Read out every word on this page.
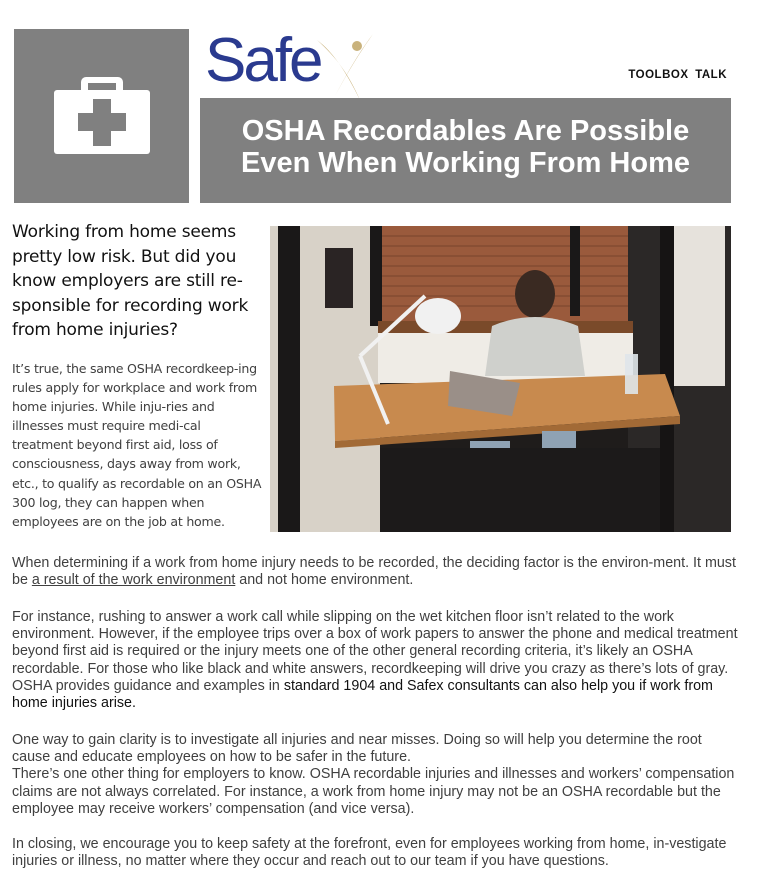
Safe	TOOLBOX TALK
OSHA Recordables Are Possible
Even When Working From Home

Working from home seems pretty low risk. But did you know employers are still re-sponsible for recording work from home injuries?

It’s true, the same OSHA recordkeep-ing rules apply for workplace and work from home injuries. While inju-ries and illnesses must require medi-cal treatment beyond first aid, loss of consciousness, days away from work, etc., to qualify as recordable on an OSHA 300 log, they can happen when employees are on the job at home.

When determining if a work from home injury needs to be recorded, the deciding factor is the environ-ment. It must be a result of the work environment and not home environment.

For instance, rushing to answer a work call while slipping on the wet kitchen floor isn’t related to the work environment. However, if the employee trips over a box of work papers to answer the phone and medical treatment beyond first aid is required or the injury meets one of the other general recording criteria, it’s likely an OSHA recordable. For those who like black and white answers, recordkeeping will drive you crazy as there’s lots of gray. OSHA provides guidance and examples in standard 1904 and Safex consultants can also help you if work from home injuries arise.

One way to gain clarity is to investigate all injuries and near misses. Doing so will help you determine the root cause and educate employees on how to be safer in the future.
There’s one other thing for employers to know. OSHA recordable injuries and illnesses and workers’ compensation claims are not always correlated. For instance, a work from home injury may not be an OSHA recordable but the employee may receive workers’ compensation (and vice versa).

In closing, we encourage you to keep safety at the forefront, even for employees working from home, in-vestigate injuries or illness, no matter where they occur and reach out to our team if you have questions.
